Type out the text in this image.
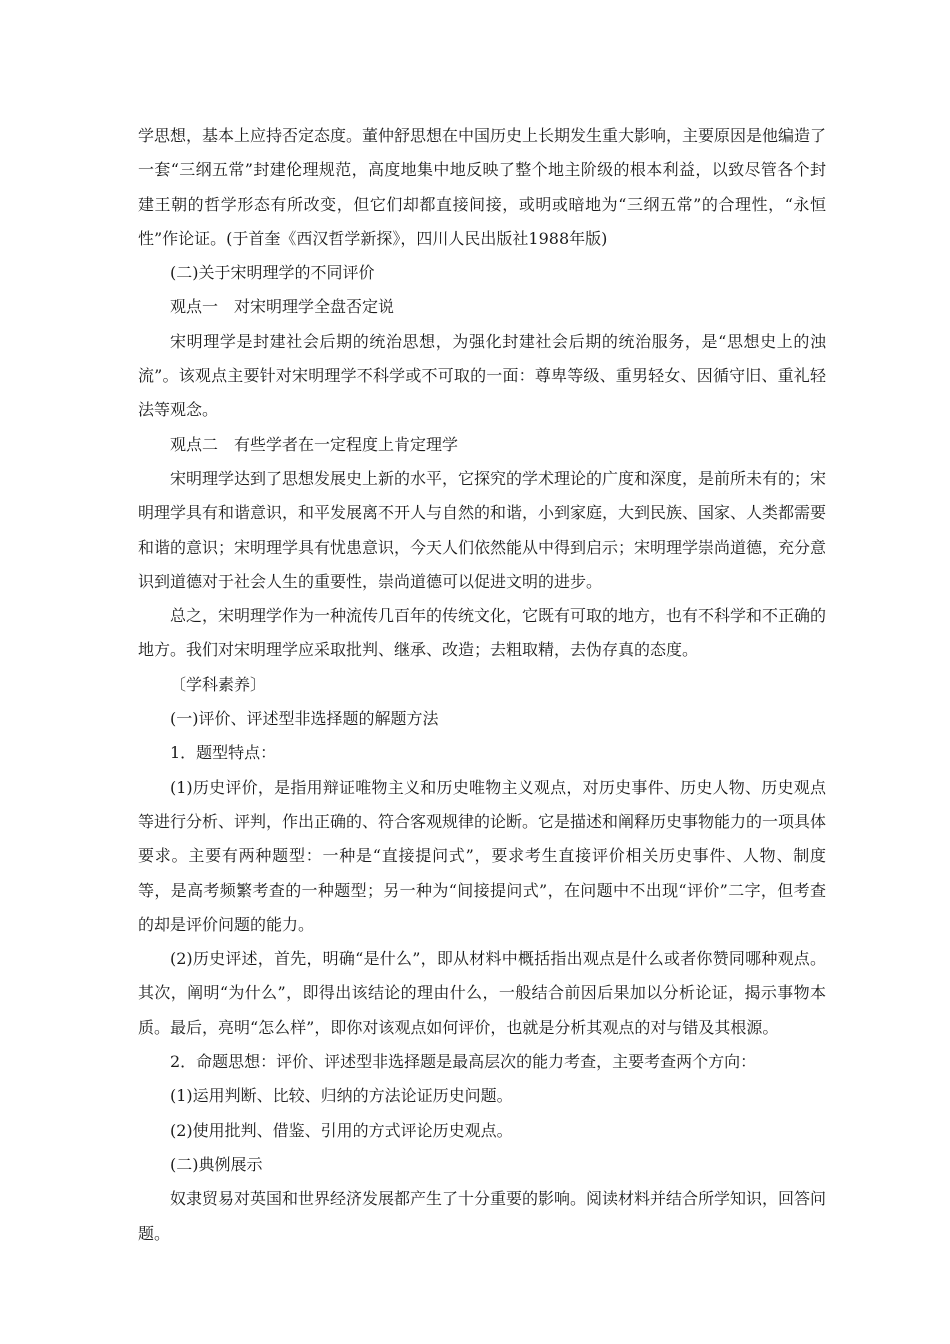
学思想，基本上应持否定态度。董仲舒思想在中国历史上长期发生重大影响，主要原因是他编造了一套“三纲五常”封建伦理规范，高度地集中地反映了整个地主阶级的根本利益，以致尽管各个封建王朝的哲学形态有所改变，但它们却都直接间接，或明或暗地为“三纲五常”的合理性，“永恒性”作论证。(于首奎《西汉哲学新探》，四川人民出版社1988年版)

(二)关于宋明理学的不同评价

观点一　对宋明理学全盘否定说

宋明理学是封建社会后期的统治思想，为强化封建社会后期的统治服务，是“思想史上的浊流”。该观点主要针对宋明理学不科学或不可取的一面：尊卑等级、重男轻女、因循守旧、重礼轻法等观念。

观点二　有些学者在一定程度上肯定理学

宋明理学达到了思想发展史上新的水平，它探究的学术理论的广度和深度，是前所未有的；宋明理学具有和谐意识，和平发展离不开人与自然的和谐，小到家庭，大到民族、国家、人类都需要和谐的意识；宋明理学具有忧患意识，今天人们依然能从中得到启示；宋明理学崇尚道德，充分意识到道德对于社会人生的重要性，崇尚道德可以促进文明的进步。

总之，宋明理学作为一种流传几百年的传统文化，它既有可取的地方，也有不科学和不正确的地方。我们对宋明理学应采取批判、继承、改造；去粗取精，去伪存真的态度。

〔学科素养〕

(一)评价、评述型非选择题的解题方法

1．题型特点：

(1)历史评价，是指用辩证唯物主义和历史唯物主义观点，对历史事件、历史人物、历史观点等进行分析、评判，作出正确的、符合客观规律的论断。它是描述和阐释历史事物能力的一项具体要求。主要有两种题型：一种是“直接提问式”，要求考生直接评价相关历史事件、人物、制度等，是高考频繁考查的一种题型；另一种为“间接提问式”，在问题中不出现“评价”二字，但考查的却是评价问题的能力。

(2)历史评述，首先，明确“是什么”，即从材料中概括指出观点是什么或者你赞同哪种观点。其次，阐明“为什么”，即得出该结论的理由什么，一般结合前因后果加以分析论证，揭示事物本质。最后，亮明“怎么样”，即你对该观点如何评价，也就是分析其观点的对与错及其根源。

2．命题思想：评价、评述型非选择题是最高层次的能力考查，主要考查两个方向：

(1)运用判断、比较、归纳的方法论证历史问题。

(2)使用批判、借鉴、引用的方式评论历史观点。

(二)典例展示

奴隶贸易对英国和世界经济发展都产生了十分重要的影响。阅读材料并结合所学知识，回答问题。
